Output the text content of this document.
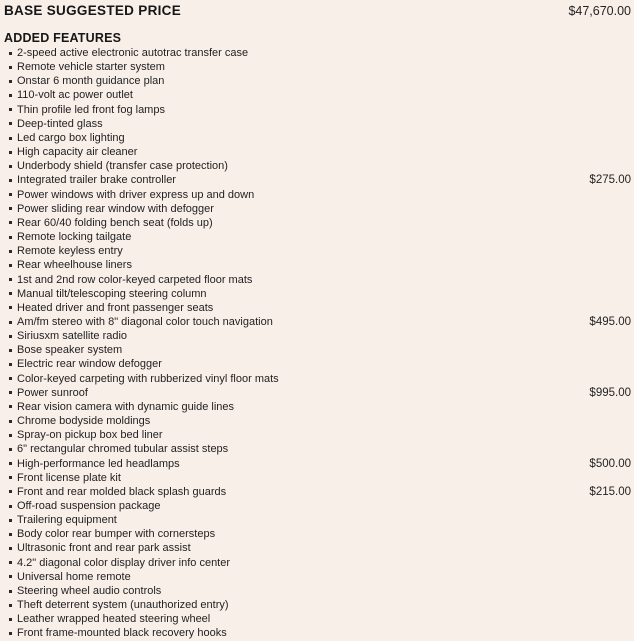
BASE SUGGESTED PRICE	$47,670.00
ADDED FEATURES
2-speed active electronic autotrac transfer case
Remote vehicle starter system
Onstar 6 month guidance plan
110-volt ac power outlet
Thin profile led front fog lamps
Deep-tinted glass
Led cargo box lighting
High capacity air cleaner
Underbody shield (transfer case protection)
Integrated trailer brake controller	$275.00
Power windows with driver express up and down
Power sliding rear window with defogger
Rear 60/40 folding bench seat (folds up)
Remote locking tailgate
Remote keyless entry
Rear wheelhouse liners
1st and 2nd row color-keyed carpeted floor mats
Manual tilt/telescoping steering column
Heated driver and front passenger seats
Am/fm stereo with 8" diagonal color touch navigation	$495.00
Siriusxm satellite radio
Bose speaker system
Electric rear window defogger
Color-keyed carpeting with rubberized vinyl floor mats
Power sunroof	$995.00
Rear vision camera with dynamic guide lines
Chrome bodyside moldings
Spray-on pickup box bed liner
6" rectangular chromed tubular assist steps
High-performance led headlamps	$500.00
Front license plate kit
Front and rear molded black splash guards	$215.00
Off-road suspension package
Trailering equipment
Body color rear bumper with cornersteps
Ultrasonic front and rear park assist
4.2" diagonal color display driver info center
Universal home remote
Steering wheel audio controls
Theft deterrent system (unauthorized entry)
Leather wrapped heated steering wheel
Front frame-mounted black recovery hooks
